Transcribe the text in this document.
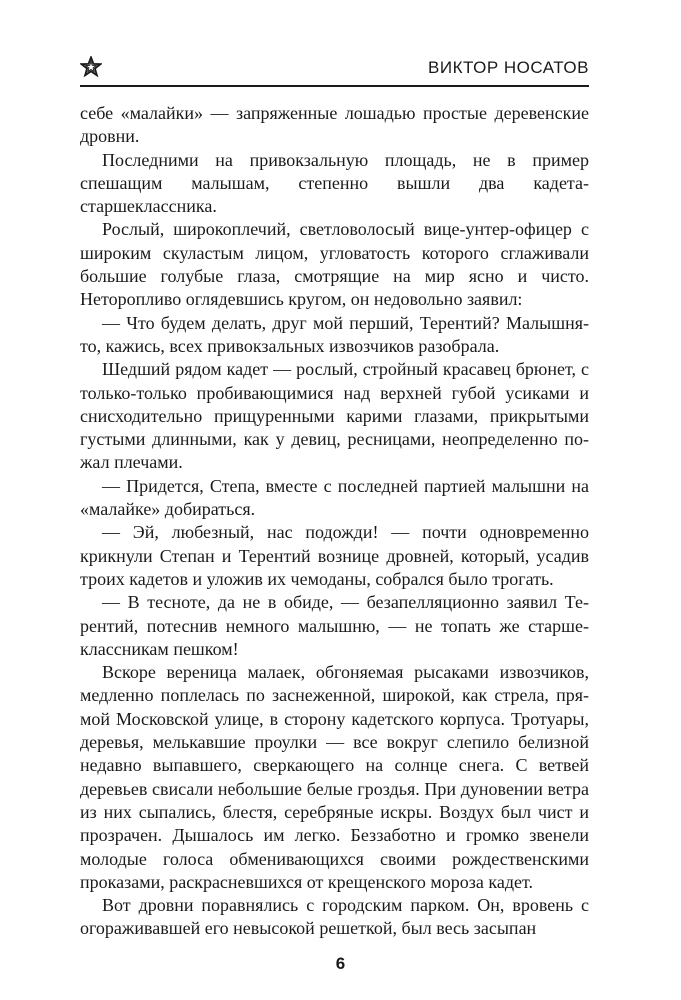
ВИКТОР НОСАТОВ

себе «малайки» — запряженные лошадью простые деревенские дровни.

Последними на привокзальную площадь, не в пример спешащим малышам, степенно вышли два кадета-старшеклассника.

Рослый, широкоплечий, светловолосый вице-унтер-офицер с широким скуластым лицом, угловатость которого сглаживали большие голубые глаза, смотрящие на мир ясно и чисто. Неторопливо оглядевшись кругом, он недовольно заявил:

— Что будем делать, друг мой перший, Терентий? Малышнято, кажись, всех привокзальных извозчиков разобрала.

Шедший рядом кадет — рослый, стройный красавец брюнет, с только-только пробивающимися над верхней губой усиками и снисходительно прищуренными карими глазами, прикрытыми густыми длинными, как у девиц, ресницами, неопределенно пожал плечами.

— Придется, Степа, вместе с последней партией малышни на «малайке» добираться.

— Эй, любезный, нас подожди! — почти одновременно крикнули Степан и Терентий вознице дровней, который, усадив троих кадетов и уложив их чемоданы, собрался было трогать.

— В тесноте, да не в обиде, — безапелляционно заявил Терентий, потеснив немного малышню, — не топать же старшеклассникам пешком!

Вскоре вереница малаек, обгоняемая рысаками извозчиков, медленно поплелась по заснеженной, широкой, как стрела, прямой Московской улице, в сторону кадетского корпуса. Тротуары, деревья, мелькавшие проулки — все вокруг слепило белизной недавно выпавшего, сверкающего на солнце снега. С ветвей деревьев свисали небольшие белые гроздья. При дуновении ветра из них сыпались, блестя, серебряные искры. Воздух был чист и прозрачен. Дышалось им легко. Беззаботно и громко звенели молодые голоса обменивающихся своими рождественскими проказами, раскрасневшихся от крещенского мороза кадет.

Вот дровни поравнялись с городским парком. Он, вровень с огораживавшей его невысокой решеткой, был весь засыпан

6
